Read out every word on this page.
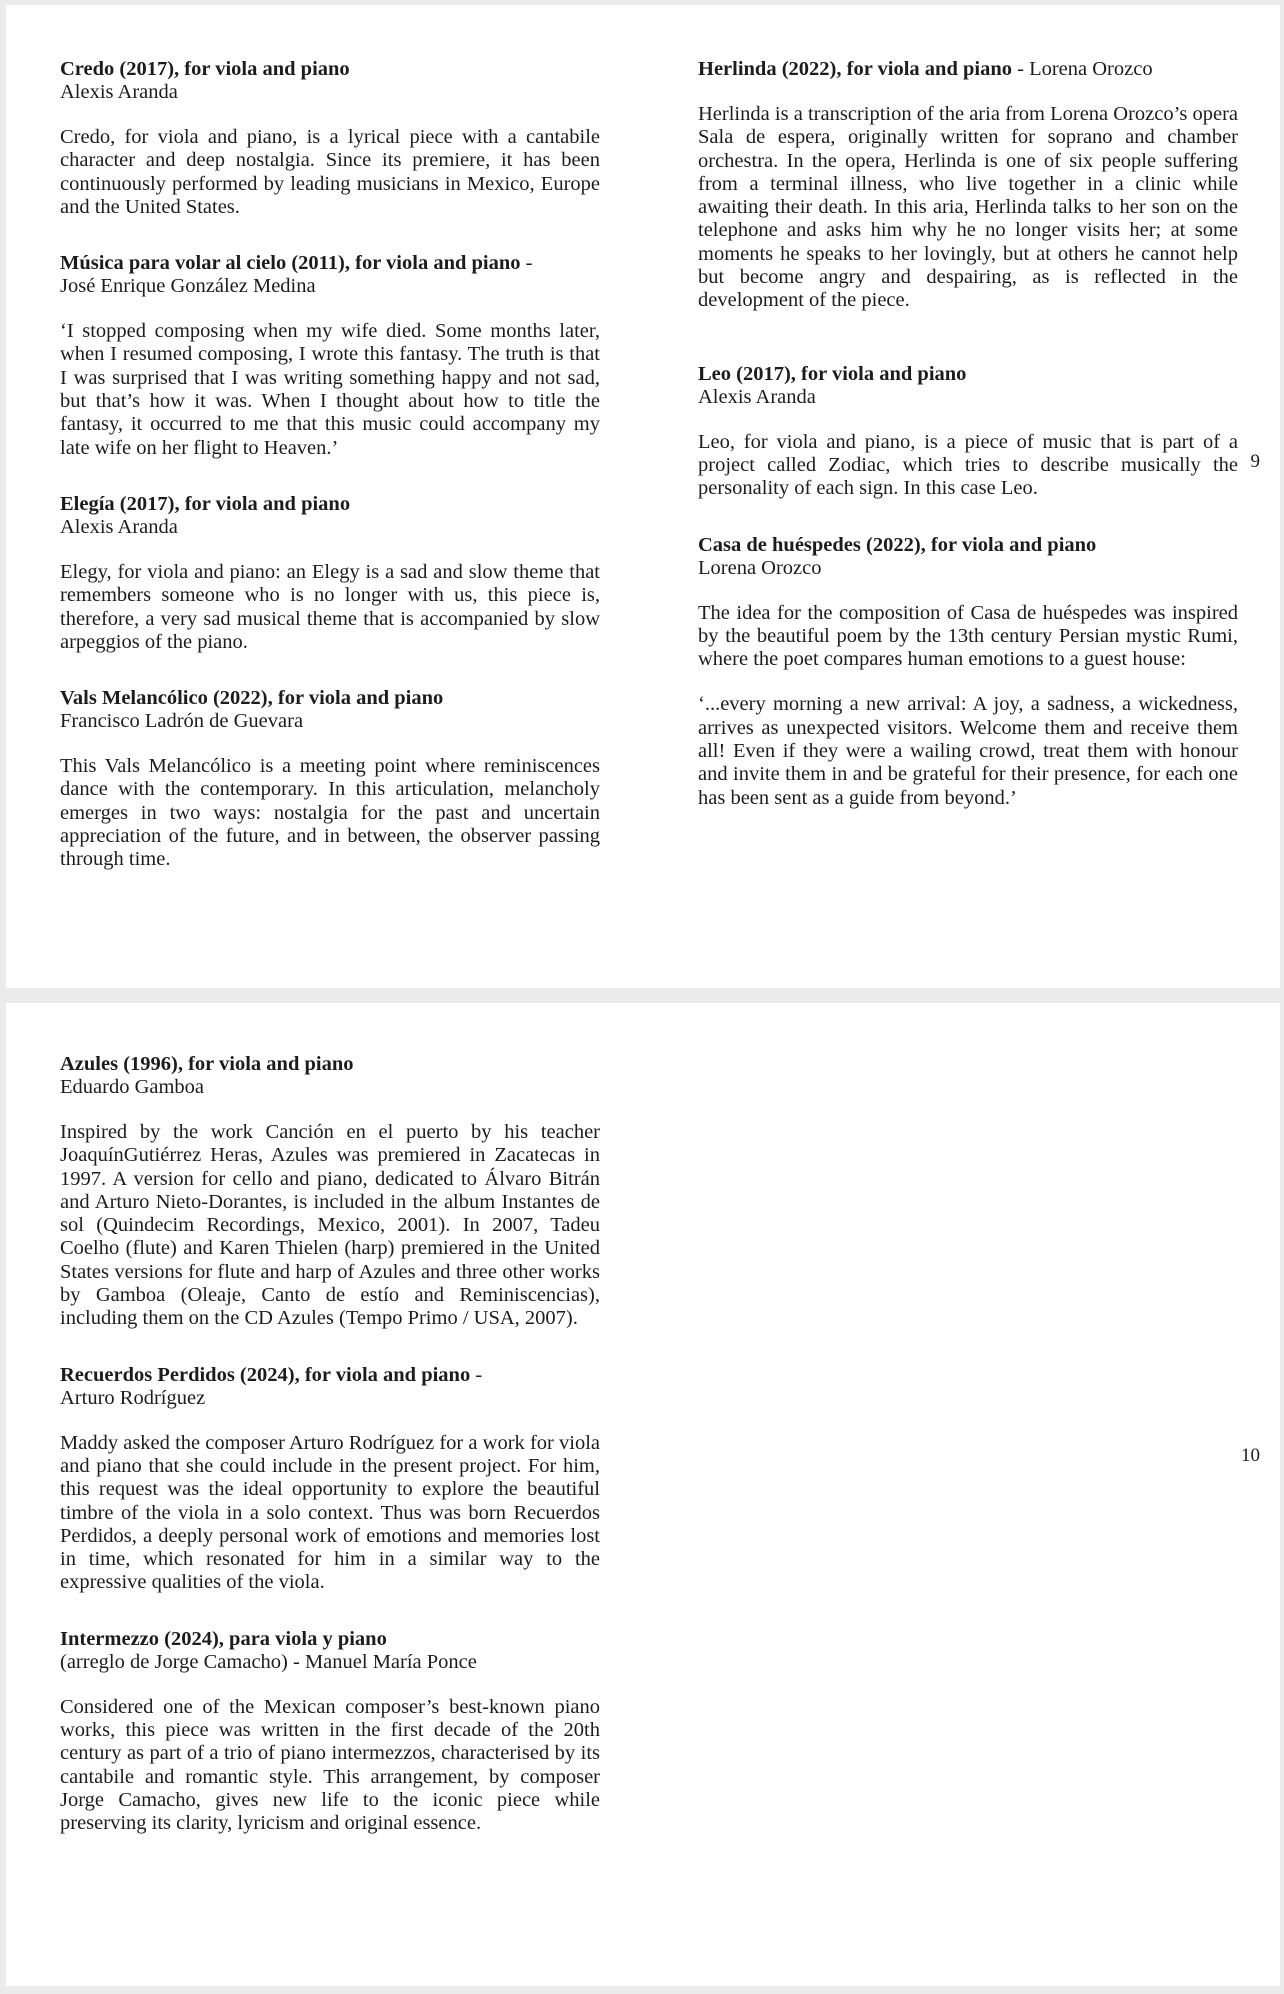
Credo (2017), for viola and piano

Alexis Aranda

Credo, for viola and piano, is a lyrical piece with a cantabile character and deep nostalgia. Since its premiere, it has been continuously performed by leading musicians in Mexico, Europe and the United States.

Música para volar al cielo (2011), for viola and piano -

José Enrique González Medina

‘I stopped composing when my wife died. Some months later, when I resumed composing, I wrote this fantasy. The truth is that I was surprised that I was writing something happy and not sad, but that’s how it was. When I thought about how to title the fantasy, it occurred to me that this music could accompany my late wife on her flight to Heaven.’

Elegía (2017), for viola and piano

Alexis Aranda

Elegy, for viola and piano: an Elegy is a sad and slow theme that remembers someone who is no longer with us, this piece is, therefore, a very sad musical theme that is accompanied by slow arpeggios of the piano.

Vals Melancólico (2022), for viola and piano

Francisco Ladrón de Guevara

This Vals Melancólico is a meeting point where reminiscences dance with the contemporary. In this articulation, melancholy emerges in two ways: nostalgia for the past and uncertain appreciation of the future, and in between, the observer passing through time.

Herlinda (2022), for viola and piano - Lorena Orozco

Herlinda is a transcription of the aria from Lorena Orozco’s opera Sala de espera, originally written for soprano and chamber orchestra. In the opera, Herlinda is one of six people suffering from a terminal illness, who live together in a clinic while awaiting their death. In this aria, Herlinda talks to her son on the telephone and asks him why he no longer visits her; at some moments he speaks to her lovingly, but at others he cannot help but become angry and despairing, as is reflected in the development of the piece.

Leo (2017), for viola and piano

Alexis Aranda

Leo, for viola and piano, is a piece of music that is part of a project called Zodiac, which tries to describe musically the personality of each sign. In this case Leo.

Casa de huéspedes (2022), for viola and piano

Lorena Orozco

The idea for the composition of Casa de huéspedes was inspired by the beautiful poem by the 13th century Persian mystic Rumi, where the poet compares human emotions to a guest house:

‘...every morning a new arrival: A joy, a sadness, a wickedness, arrives as unexpected visitors. Welcome them and receive them all! Even if they were a wailing crowd, treat them with honour and invite them in and be grateful for their presence, for each one has been sent as a guide from beyond.’

9

Azules (1996), for viola and piano

Eduardo Gamboa

Inspired by the work Canción en el puerto by his teacher JoaquínGutiérrez Heras, Azules was premiered in Zacatecas in 1997. A version for cello and piano, dedicated to Álvaro Bitrán and Arturo Nieto-Dorantes, is included in the album Instantes de sol (Quindecim Recordings, Mexico, 2001). In 2007, Tadeu Coelho (flute) and Karen Thielen (harp) premiered in the United States versions for flute and harp of Azules and three other works by Gamboa (Oleaje, Canto de estío and Reminiscencias), including them on the CD Azules (Tempo Primo / USA, 2007).

Recuerdos Perdidos (2024), for viola and piano -

Arturo Rodríguez

Maddy asked the composer Arturo Rodríguez for a work for viola and piano that she could include in the present project. For him, this request was the ideal opportunity to explore the beautiful timbre of the viola in a solo context. Thus was born Recuerdos Perdidos, a deeply personal work of emotions and memories lost in time, which resonated for him in a similar way to the expressive qualities of the viola.

Intermezzo (2024), para viola y piano

(arreglo de Jorge Camacho) - Manuel María Ponce

Considered one of the Mexican composer’s best-known piano works, this piece was written in the first decade of the 20th century as part of a trio of piano intermezzos, characterised by its cantabile and romantic style. This arrangement, by composer Jorge Camacho, gives new life to the iconic piece while preserving its clarity, lyricism and original essence.

10
